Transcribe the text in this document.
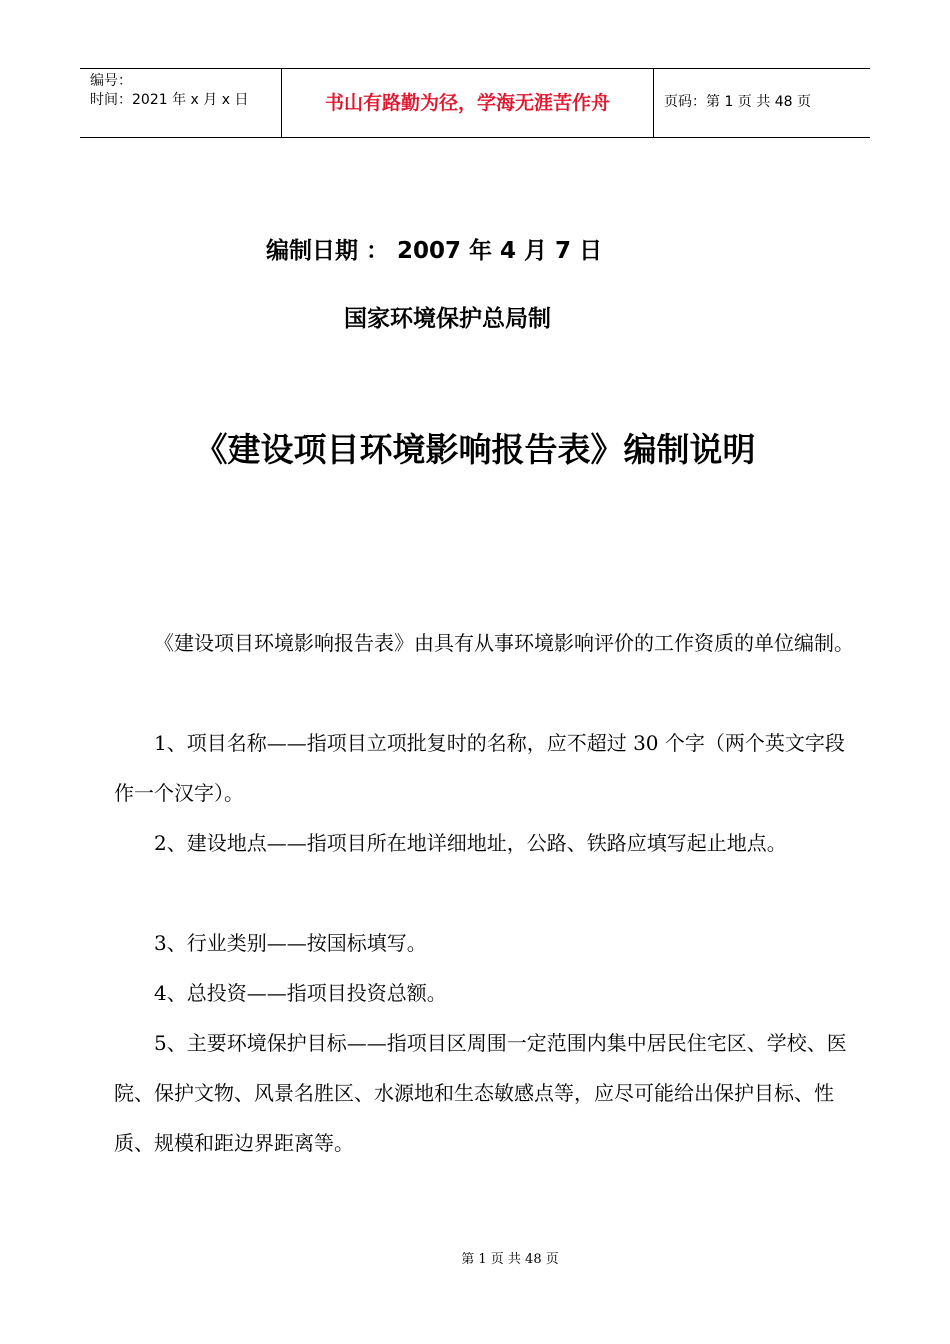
编号：
时间：2021 年 x 月 x 日	书山有路勤为径，学海无涯苦作舟	页码：第 1 页 共 48 页
编制日期 ： 2007 年 4 月 7 日
国家环境保护总局制
《建设项目环境影响报告表》编制说明
《建设项目环境影响报告表》由具有从事环境影响评价的工作资质的单位编制。
1、项目名称——指项目立项批复时的名称，应不超过 30 个字（两个英文字段作一个汉字）。
2、建设地点——指项目所在地详细地址，公路、铁路应填写起止地点。
3、行业类别——按国标填写。
4、总投资——指项目投资总额。
5、主要环境保护目标——指项目区周围一定范围内集中居民住宅区、学校、医院、保护文物、风景名胜区、水源地和生态敏感点等，应尽可能给出保护目标、性质、规模和距边界距离等。
第 1 页 共 48 页
